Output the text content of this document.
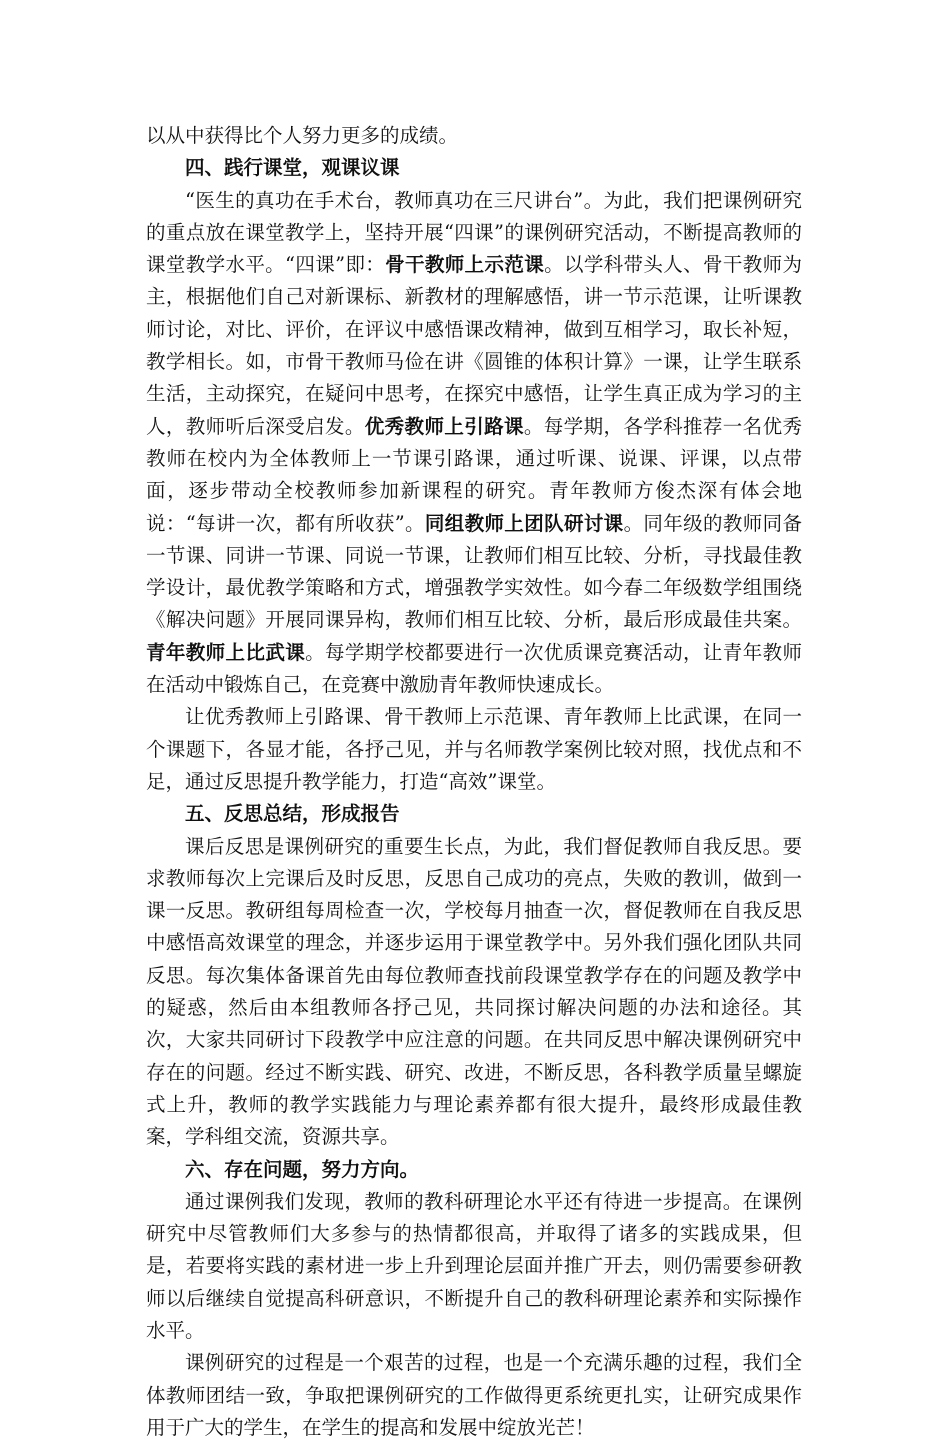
以从中获得比个人努力更多的成绩。

四、践行课堂，观课议课

“医生的真功在手术台，教师真功在三尺讲台”。为此，我们把课例研究的重点放在课堂教学上，坚持开展“四课”的课例研究活动，不断提高教师的课堂教学水平。“四课”即：骨干教师上示范课。以学科带头人、骨干教师为主，根据他们自己对新课标、新教材的理解感悟，讲一节示范课，让听课教师讨论，对比、评价，在评议中感悟课改精神，做到互相学习，取长补短，教学相长。如，市骨干教师马俭在讲《圆锥的体积计算》一课，让学生联系生活，主动探究，在疑问中思考，在探究中感悟，让学生真正成为学习的主人，教师听后深受启发。优秀教师上引路课。每学期，各学科推荐一名优秀教师在校内为全体教师上一节课引路课，通过听课、说课、评课，以点带面，逐步带动全校教师参加新课程的研究。青年教师方俊杰深有体会地说：“每讲一次，都有所收获”。同组教师上团队研讨课。同年级的教师同备一节课、同讲一节课、同说一节课，让教师们相互比较、分析，寻找最佳教学设计，最优教学策略和方式，增强教学实效性。如今春二年级数学组围绕《解决问题》开展同课异构，教师们相互比较、分析，最后形成最佳共案。青年教师上比武课。每学期学校都要进行一次优质课竞赛活动，让青年教师在活动中锻炼自己，在竞赛中激励青年教师快速成长。

让优秀教师上引路课、骨干教师上示范课、青年教师上比武课，在同一个课题下，各显才能，各抒己见，并与名师教学案例比较对照，找优点和不足，通过反思提升教学能力，打造“高效”课堂。

五、反思总结，形成报告

课后反思是课例研究的重要生长点，为此，我们督促教师自我反思。要求教师每次上完课后及时反思，反思自己成功的亮点，失败的教训，做到一课一反思。教研组每周检查一次，学校每月抽查一次，督促教师在自我反思中感悟高效课堂的理念，并逐步运用于课堂教学中。另外我们强化团队共同反思。每次集体备课首先由每位教师查找前段课堂教学存在的问题及教学中的疑惑，然后由本组教师各抒己见，共同探讨解决问题的办法和途径。其次，大家共同研讨下段教学中应注意的问题。在共同反思中解决课例研究中存在的问题。经过不断实践、研究、改进，不断反思，各科教学质量呈螺旋式上升，教师的教学实践能力与理论素养都有很大提升，最终形成最佳教案，学科组交流，资源共享。

六、存在问题，努力方向。

通过课例我们发现，教师的教科研理论水平还有待进一步提高。在课例研究中尽管教师们大多参与的热情都很高，并取得了诸多的实践成果，但是，若要将实践的素材进一步上升到理论层面并推广开去，则仍需要参研教师以后继续自觉提高科研意识，不断提升自己的教科研理论素养和实际操作水平。

课例研究的过程是一个艰苦的过程，也是一个充满乐趣的过程，我们全体教师团结一致，争取把课例研究的工作做得更系统更扎实，让研究成果作用于广大的学生，在学生的提高和发展中绽放光芒！
